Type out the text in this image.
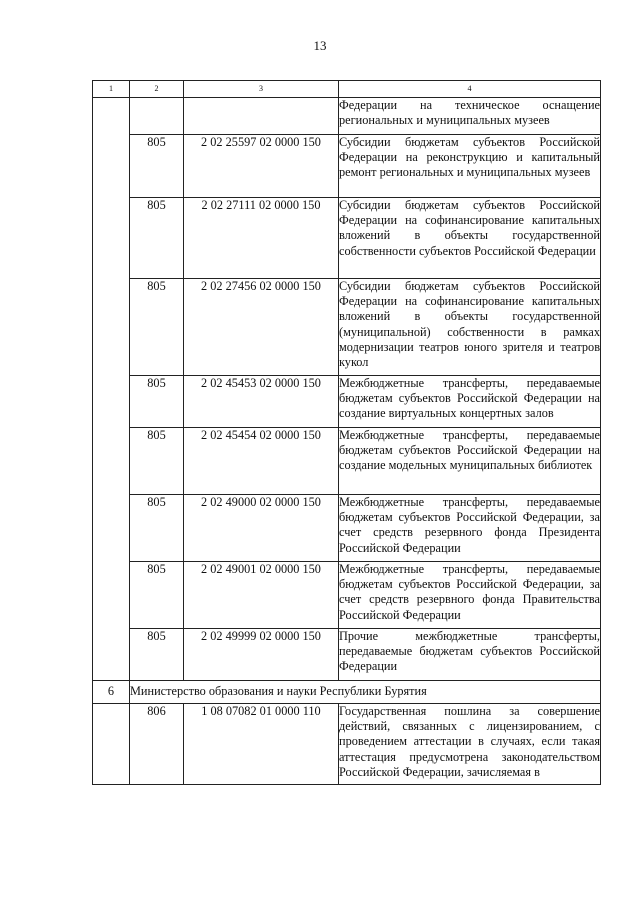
13
1	2	3	4
			Федерации на техническое оснащение региональных и муниципальных музеев
	805	2 02 25597 02 0000 150	Субсидии бюджетам субъектов Российской Федерации на реконструкцию и капитальный ремонт региональных и муниципальных музеев
	805	2 02 27111 02 0000 150	Субсидии бюджетам субъектов Российской Федерации на софинансирование капитальных вложений в объекты государственной собственности субъектов Российской Федерации
	805	2 02 27456 02 0000 150	Субсидии бюджетам субъектов Российской Федерации на софинансирование капитальных вложений в объекты государственной (муниципальной) собственности в рамках модернизации театров юного зрителя и театров кукол
	805	2 02 45453 02 0000 150	Межбюджетные трансферты, передаваемые бюджетам субъектов Российской Федерации на создание виртуальных концертных залов
	805	2 02 45454 02 0000 150	Межбюджетные трансферты, передаваемые бюджетам субъектов Российской Федерации на создание модельных муниципальных библиотек
	805	2 02 49000 02 0000 150	Межбюджетные трансферты, передаваемые бюджетам субъектов Российской Федерации, за счет средств резервного фонда Президента Российской Федерации
	805	2 02 49001 02 0000 150	Межбюджетные трансферты, передаваемые бюджетам субъектов Российской Федерации, за счет средств резервного фонда Правительства Российской Федерации
	805	2 02 49999 02 0000 150	Прочие межбюджетные трансферты, передаваемые бюджетам субъектов Российской Федерации
6	Министерство образования и науки Республики Бурятия		
	806	1 08 07082 01 0000 110	Государственная пошлина за совершение действий, связанных с лицензированием, с проведением аттестации в случаях, если такая аттестация предусмотрена законодательством Российской Федерации, зачисляемая в
